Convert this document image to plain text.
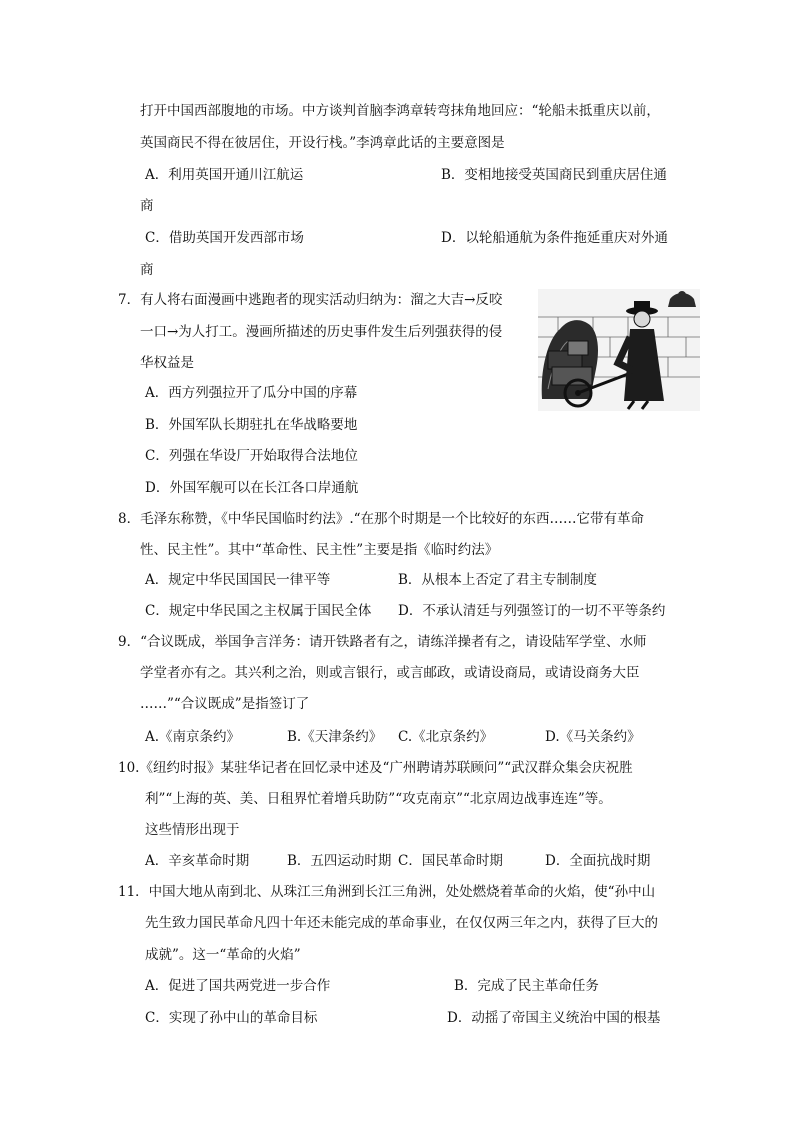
打开中国西部腹地的市场。中方谈判首脑李鸿章转弯抹角地回应：“轮船未抵重庆以前，
英国商民不得在彼居住，开设行栈。”李鸿章此话的主要意图是
A．利用英国开通川江航运	B．变相地接受英国商民到重庆居住通
商
C．借助英国开发西部市场	D．以轮船通航为条件拖延重庆对外通
商
7．有人将右面漫画中逃跑者的现实活动归纳为：溜之大吉→反咬
一口→为人打工。漫画所描述的历史事件发生后列强获得的侵
华权益是
A．西方列强拉开了瓜分中国的序幕
B．外国军队长期驻扎在华战略要地
C．列强在华设厂开始取得合法地位
D．外国军舰可以在长江各口岸通航
8．毛泽东称赞，《中华民国临时约法》.“在那个时期是一个比较好的东西……它带有革命
性、民主性”。其中“革命性、民主性”主要是指《临时约法》
A．规定中华民国国民一律平等	B．从根本上否定了君主专制制度
C．规定中华民国之主权属于国民全体 D．不承认清廷与列强签订的一切不平等条约
9．“合议既成，举国争言洋务：请开铁路者有之，请练洋操者有之，请设陆军学堂、水师
学堂者亦有之。其兴利之治，则或言银行，或言邮政，或请设商局，或请设商务大臣
……”“合议既成”是指签订了
A.《南京条约》	B.《天津条约》 C.《北京条约》	D.《马关条约》
10.《纽约时报》某驻华记者在回忆录中述及“广州聘请苏联顾问”“武汉群众集会庆祝胜
利”“上海的英、美、日租界忙着增兵助防”“攻克南京”“北京周边战事连连”等。
这些情形出现于
A．辛亥革命时期	B．五四运动时期 C．国民革命时期	D．全面抗战时期
11．中国大地从南到北、从珠江三角洲到长江三角洲，处处燃烧着革命的火焰，使“孙中山
先生致力国民革命凡四十年还未能完成的革命事业，在仅仅两三年之内，获得了巨大的
成就”。这一“革命的火焰”
A．促进了国共两党进一步合作	B．完成了民主革命任务
C．实现了孙中山的革命目标	D．动摇了帝国主义统治中国的根基
